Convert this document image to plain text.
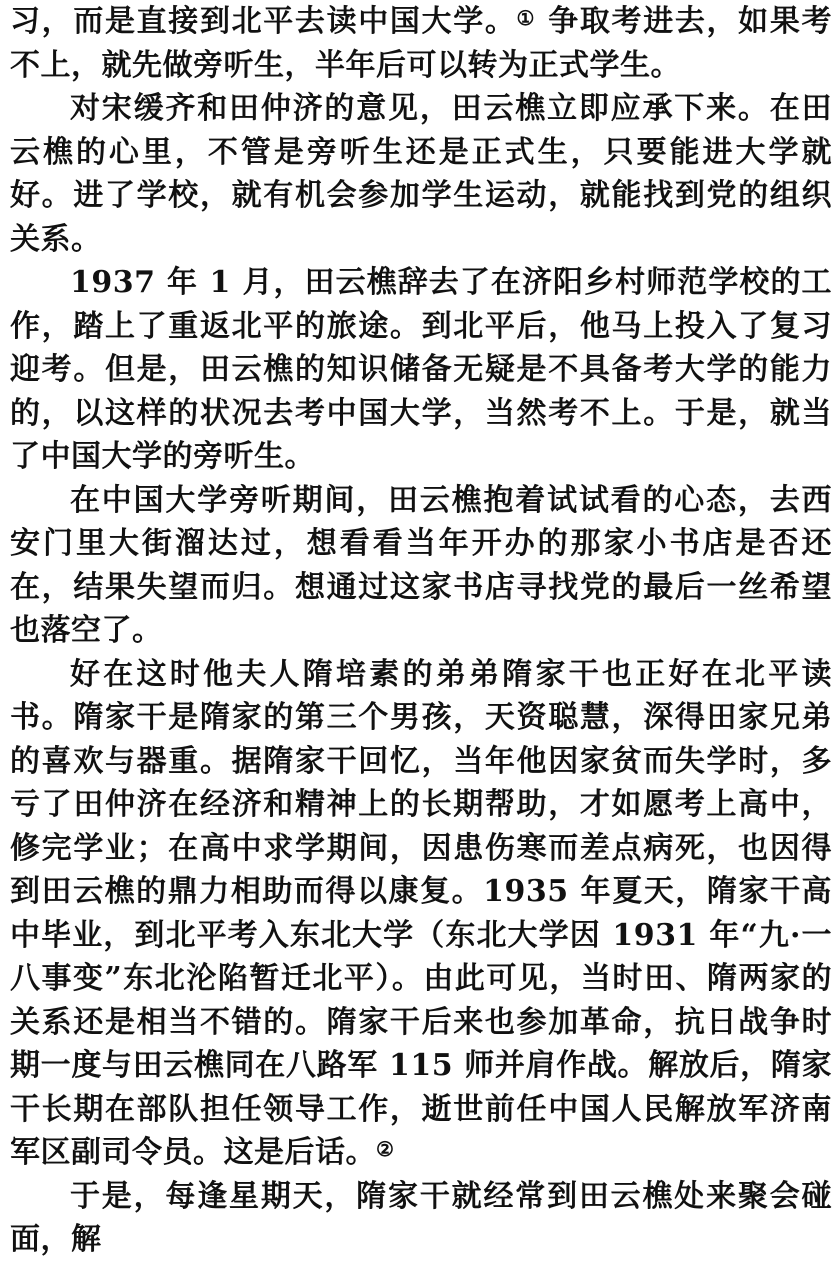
习，而是直接到北平去读中国大学。① 争取考进去，如果考不上，就先做旁听生，半年后可以转为正式学生。

对宋缓齐和田仲济的意见，田云樵立即应承下来。在田云樵的心里，不管是旁听生还是正式生，只要能进大学就好。进了学校，就有机会参加学生运动，就能找到党的组织关系。

1937 年 1 月，田云樵辞去了在济阳乡村师范学校的工作，踏上了重返北平的旅途。到北平后，他马上投入了复习迎考。但是，田云樵的知识储备无疑是不具备考大学的能力的，以这样的状况去考中国大学，当然考不上。于是，就当了中国大学的旁听生。

在中国大学旁听期间，田云樵抱着试试看的心态，去西安门里大街溜达过，想看看当年开办的那家小书店是否还在，结果失望而归。想通过这家书店寻找党的最后一丝希望也落空了。

好在这时他夫人隋培素的弟弟隋家干也正好在北平读书。隋家干是隋家的第三个男孩，天资聪慧，深得田家兄弟的喜欢与器重。据隋家干回忆，当年他因家贫而失学时，多亏了田仲济在经济和精神上的长期帮助，才如愿考上高中，修完学业；在高中求学期间，因患伤寒而差点病死，也因得到田云樵的鼎力相助而得以康复。1935 年夏天，隋家干高中毕业，到北平考入东北大学（东北大学因 1931 年“九·一八事变”东北沦陷暂迁北平）。由此可见，当时田、隋两家的关系还是相当不错的。隋家干后来也参加革命，抗日战争时期一度与田云樵同在八路军 115 师并肩作战。解放后，隋家干长期在部队担任领导工作，逝世前任中国人民解放军济南军区副司令员。这是后话。②

于是，每逢星期天，隋家干就经常到田云樵处来聚会碰面，解
